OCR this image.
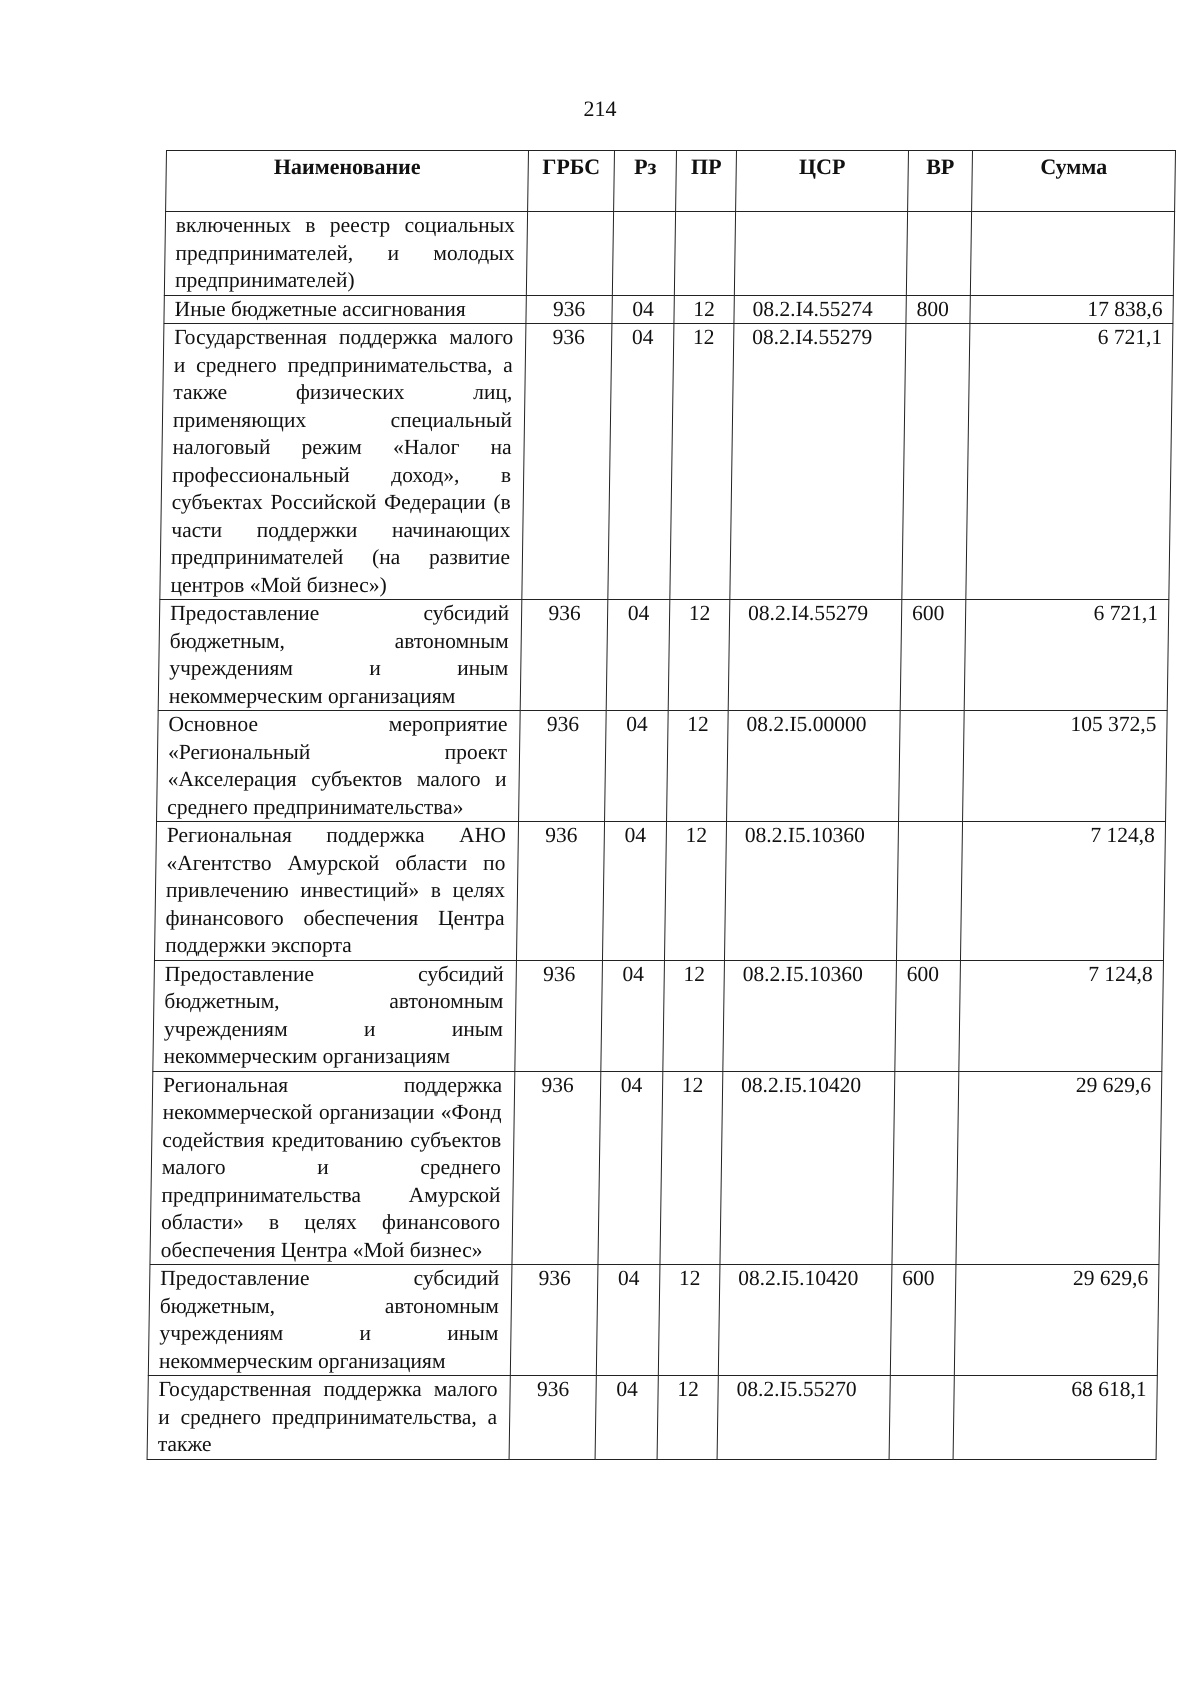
214
Наименование	ГРБС	Рз	ПР	ЦСР	ВР	Сумма
включенных в реестр социальных предпринимателей, и молодых предпринимателей)						
Иные бюджетные ассигнования	936	04	12	08.2.I4.55274	800	17 838,6
Государственная поддержка малого и среднего предпринимательства, а также физических лиц, применяющих специальный налоговый режим «Налог на профессиональный доход», в субъектах Российской Федерации (в части поддержки начинающих предпринимателей (на развитие центров «Мой бизнес»)	936	04	12	08.2.I4.55279		6 721,1
Предоставление субсидий бюджетным, автономным учреждениям и иным некоммерческим организациям	936	04	12	08.2.I4.55279	600	6 721,1
Основное мероприятие «Региональный проект «Акселерация субъектов малого и среднего предпринимательства»	936	04	12	08.2.I5.00000		105 372,5
Региональная поддержка АНО «Агентство Амурской области по привлечению инвестиций» в целях финансового обеспечения Центра поддержки экспорта	936	04	12	08.2.I5.10360		7 124,8
Предоставление субсидий бюджетным, автономным учреждениям и иным некоммерческим организациям	936	04	12	08.2.I5.10360	600	7 124,8
Региональная поддержка некоммерческой организации «Фонд содействия кредитованию субъектов малого и среднего предпринимательства Амурской области» в целях финансового обеспечения Центра «Мой бизнес»	936	04	12	08.2.I5.10420		29 629,6
Предоставление субсидий бюджетным, автономным учреждениям и иным некоммерческим организациям	936	04	12	08.2.I5.10420	600	29 629,6
Государственная поддержка малого и среднего предпринимательства, а также	936	04	12	08.2.I5.55270		68 618,1
